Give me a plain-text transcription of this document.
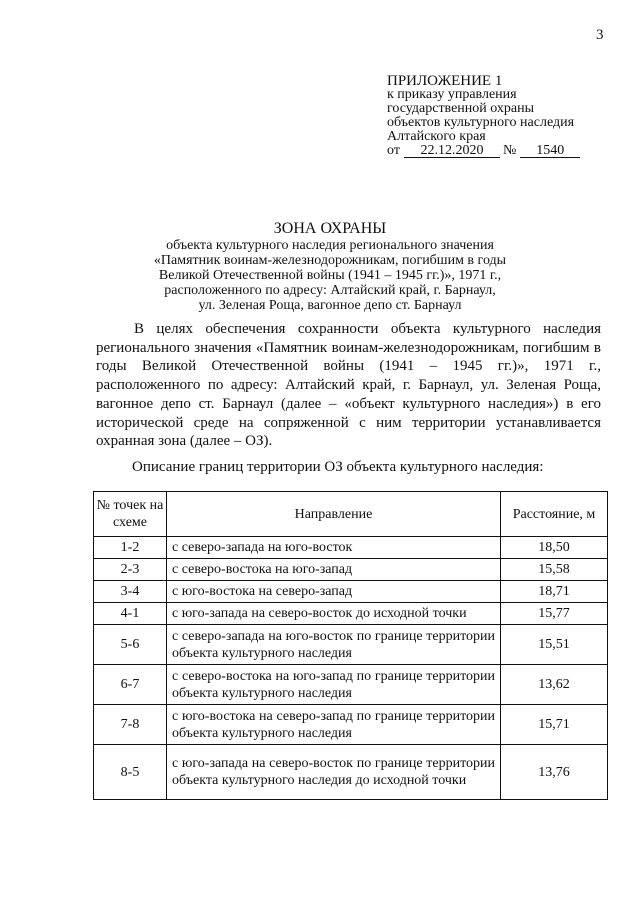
3
ПРИЛОЖЕНИЕ 1
к приказу управления
государственной охраны
объектов культурного наследия
Алтайского края
от	22.12.2020	№	1540
ЗОНА ОХРАНЫ
объекта культурного наследия регионального значения
«Памятник воинам-железнодорожникам, погибшим в годы
Великой Отечественной войны (1941 – 1945 гг.)», 1971 г.,
расположенного по адресу: Алтайский край, г. Барнаул,
ул. Зеленая Роща, вагонное депо ст. Барнаул
В целях обеспечения сохранности объекта культурного наследия регионального значения «Памятник воинам-железнодорожникам, погибшим в годы Великой Отечественной войны (1941 – 1945 гг.)», 1971 г., расположенного по адресу: Алтайский край, г. Барнаул, ул. Зеленая Роща, вагонное депо ст. Барнаул (далее – «объект культурного наследия») в его исторической среде на сопряженной с ним территории устанавливается охранная зона (далее – ОЗ).
Описание границ территории ОЗ объекта культурного наследия:
№ точек на схеме	Направление	Расстояние, м
1-2	с северо-запада на юго-восток	18,50
2-3	с северо-востока на юго-запад	15,58
3-4	с юго-востока на северо-запад	18,71
4-1	с юго-запада на северо-восток до исходной точки	15,77
5-6	с северо-запада на юго-восток по границе территории объекта культурного наследия	15,51
6-7	с северо-востока на юго-запад по границе территории объекта культурного наследия	13,62
7-8	с юго-востока на северо-запад по границе территории объекта культурного наследия	15,71
8-5	с юго-запада на северо-восток по границе территории объекта культурного наследия до исходной точки	13,76
